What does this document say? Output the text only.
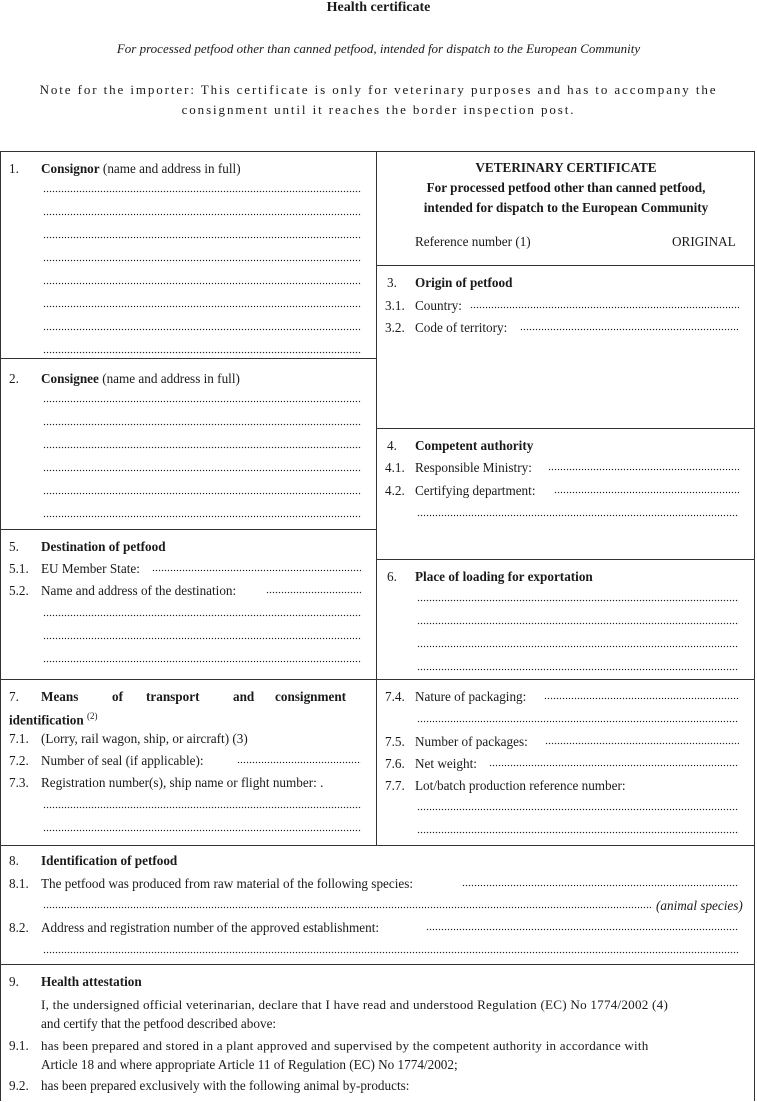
Health certificate
For processed petfood other than canned petfood, intended for dispatch to the European Community
Note for the importer: This certificate is only for veterinary purposes and has to accompany the consignment until it reaches the border inspection post.
1. Consignor (name and address in full)	VETERINARY CERTIFICATE
For processed petfood other than canned petfood,
intended for dispatch to the European Community
Reference number (1)	ORIGINAL
3. Origin of petfood
3.1. Country:
3.2. Code of territory:
2. Consignee (name and address in full)
4. Competent authority
4.1. Responsible Ministry:
4.2. Certifying department:
5. Destination of petfood
5.1. EU Member State:
5.2. Name and address of the destination:
6. Place of loading for exportation
7. Means	of transport	and consignment
identification $^{(2)}$
7.1. (Lorry, rail wagon, ship, or aircraft) (3)
7.2. Number of seal (if applicable):
7.3. Registration number(s), ship name or flight number: .
7.4. Nature of packaging:
7.5. Number of packages:
7.6. Net weight:
7.7. Lot/batch production reference number:
8. Identification of petfood
8.1. The petfood was produced from raw material of the following species:
(animal species)
8.2. Address and registration number of the approved establishment:
9. Health attestation
I, the undersigned official veterinarian, declare that I have read and understood Regulation (EC) No 1774/2002 (4)
and certify that the petfood described above:
9.1. has been prepared and stored in a plant approved and supervised by the competent authority in accordance with
Article 18 and where appropriate Article 11 of Regulation (EC) No 1774/2002;
9.2. has been prepared exclusively with the following animal by-products:
